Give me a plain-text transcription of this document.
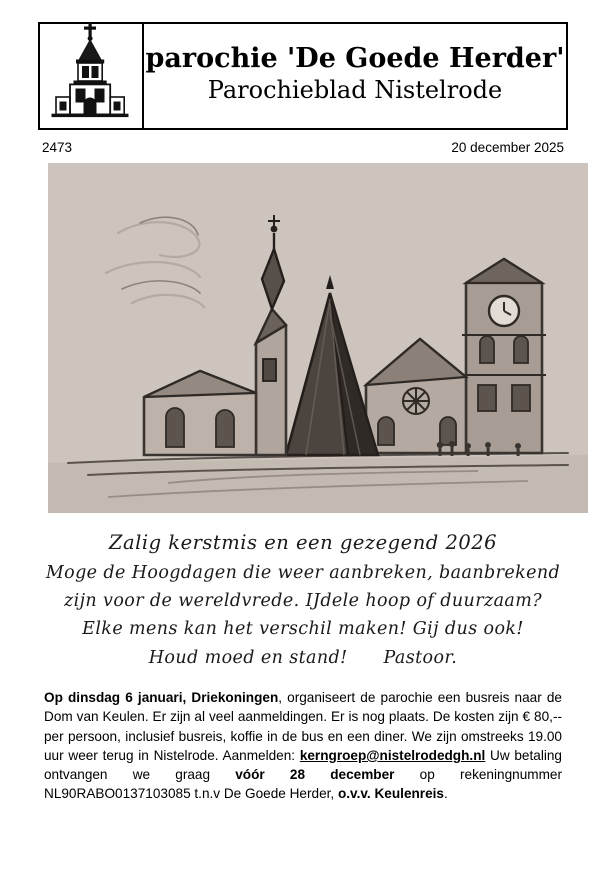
parochie 'De Goede Herder'
Parochieblad Nistelrode
2473	20 december 2025
Zalig kerstmis en een gezegend 2026
Moge de Hoogdagen die weer aanbreken, baanbrekend
zijn voor de wereldvrede. IJdele hoop of duurzaam?
Elke mens kan het verschil maken! Gij dus ook!
Houd moed en stand! Pastoor.
Op dinsdag 6 januari, Driekoningen, organiseert de parochie een busreis naar de Dom van Keulen. Er zijn al veel aanmeldingen. Er is nog plaats. De kosten zijn € 80,-- per persoon, inclusief busreis, koffie in de bus en een diner. We zijn omstreeks 19.00 uur weer terug in Nistelrode. Aanmelden: kerngroep@nistelrodedgh.nl Uw betaling ontvangen we graag vóór 28 december op rekeningnummer NL90RABO0137103085 t.n.v De Goede Herder, o.v.v. Keulenreis.
